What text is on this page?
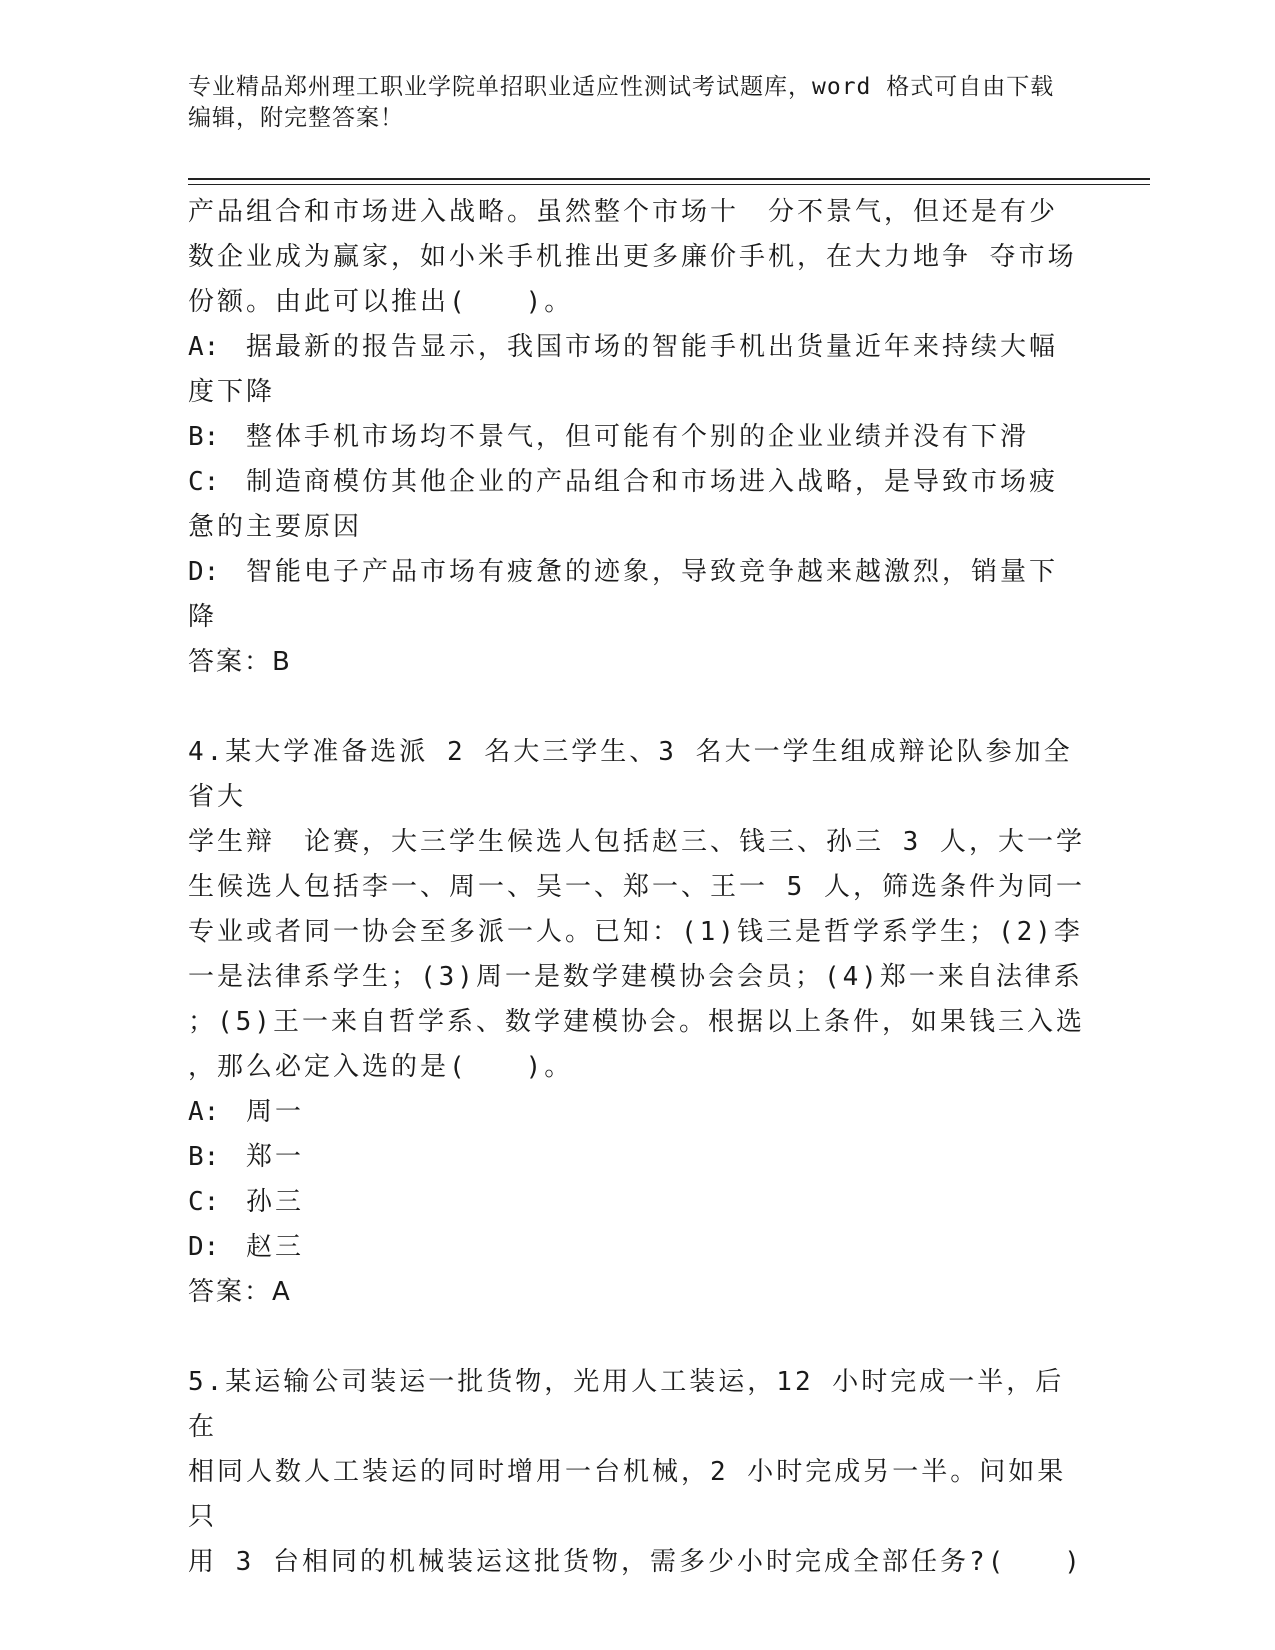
专业精品郑州理工职业学院单招职业适应性测试考试题库，word 格式可自由下载
编辑，附完整答案！

产品组合和市场进入战略。虽然整个市场十　分不景气，但还是有少

数企业成为赢家，如小米手机推出更多廉价手机，在大力地争 夺市场

份额。由此可以推出(　　)。

A:	据最新的报告显示，我国市场的智能手机出货量近年来持续大幅

度下降

B:	整体手机市场均不景气，但可能有个别的企业业绩并没有下滑
C:	制造商模仿其他企业的产品组合和市场进入战略，是导致市场疲

惫的主要原因

D:	智能电子产品市场有疲惫的迹象，导致竞争越来越激烈，销量下

降

答案：B

4.某大学准备选派 2 名大三学生、3 名大一学生组成辩论队参加全省大

学生辩　论赛，大三学生候选人包括赵三、钱三、孙三 3 人，大一学

生候选人包括李一、周一、吴一、郑一、王一 5 人，筛选条件为同一

专业或者同一协会至多派一人。已知：(1)钱三是哲学系学生；(2)李

一是法律系学生；(3)周一是数学建模协会会员；(4)郑一来自法律系

；(5)王一来自哲学系、数学建模协会。根据以上条件，如果钱三入选

，那么必定入选的是(　　)。

A:	周一
B:	郑一
C:	孙三
D:	赵三

答案：A

5.某运输公司装运一批货物，光用人工装运，12 小时完成一半，后在

相同人数人工装运的同时增用一台机械，2 小时完成另一半。问如果只

用 3 台相同的机械装运这批货物，需多少小时完成全部任务?(　　)
